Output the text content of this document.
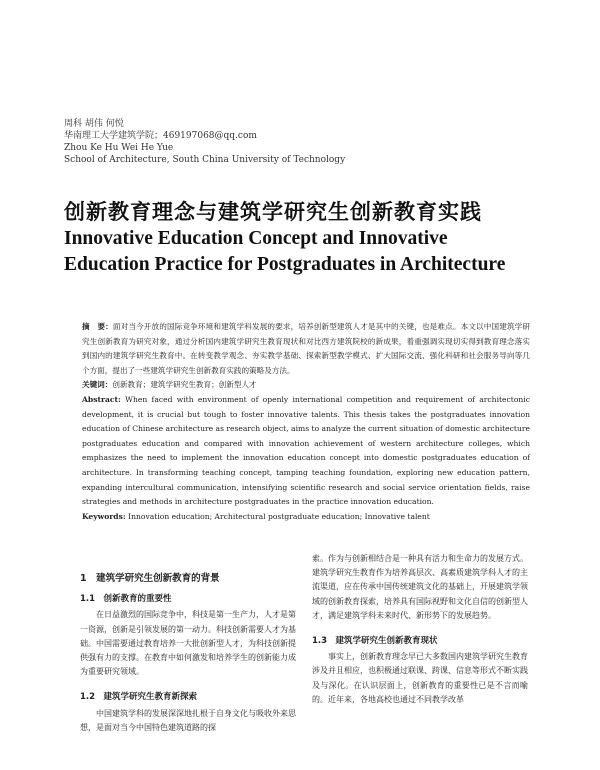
周科 胡伟 何悦
华南理工大学建筑学院；469197068@qq.com
Zhou Ke Hu Wei He Yue
School of Architecture, South China University of Technology
创新教育理念与建筑学研究生创新教育实践
Innovative Education Concept and Innovative
Education Practice for Postgraduates in Architecture

摘　要：面对当今开放的国际竞争环境和建筑学科发展的要求，培养创新型建筑人才是其中的关键，也是难点。本文以中国建筑学研究生创新教育为研究对象，通过分析国内建筑学研究生教育现状和对比西方建筑院校的新成果，着重强调实现切实得到教育理念落实到国内的建筑学研究生教育中。在转变教学观念、夯实教学基础、探索新型教学模式、扩大国际交流、强化科研和社会服务导向等几个方面，提出了一些建筑学研究生创新教育实践的策略及方法。

关键词：创新教育；建筑学研究生教育；创新型人才

Abstract: When faced with environment of openly international competition and requirement of architectonic development, it is crucial but tough to foster innovative talents. This thesis takes the postgraduates innovation education of Chinese architecture as research object, aims to analyze the current situation of domestic architecture postgraduates education and compared with innovation achievement of western architecture colleges, which emphasizes the need to implement the innovation education concept into domestic postgraduates education of architecture. In transforming teaching concept, tamping teaching foundation, exploring new education pattern, expanding intercultural communication, intensifying scientific research and social service orientation fields, raise strategies and methods in architecture postgraduates in the practice innovation education.

Keywords: Innovation education; Architectural postgraduate education; Innovative talent

1　建筑学研究生创新教育的背景
1.1　创新教育的重要性

在日益激烈的国际竞争中，科技是第一生产力，人才是第一资源，创新是引领发展的第一动力。科技创新需要人才为基础。中国需要通过教育培养一大批创新型人才，为科技创新提供强有力的支撑。在教育中如何激发和培养学生的创新能力成为重要研究领域。

1.2　建筑学研究生教育新探索

中国建筑学科的发展深深地扎根于自身文化与吸收外来思想，是面对当今中国特色建筑道路的探

索。作为与创新相结合是一种具有活力和生命力的发展方式。建筑学研究生教育作为培养高层次、高素质建筑学科人才的主流渠道，应在传承中国传统建筑文化的基础上，开展建筑学领域的创新教育探索，培养具有国际视野和文化自信的创新型人才，满足建筑学科未来时代、新形势下的发展趋势。

1.3　建筑学研究生创新教育现状

事实上，创新教育理念早已大多数国内建筑学研究生教育涉及并且相应，也积极通过联课、跨课、信息等形式不断实践及与深化。在认识层面上，创新教育的重要性已是不言而喻的。近年来，各地高校也通过不同教学改革
